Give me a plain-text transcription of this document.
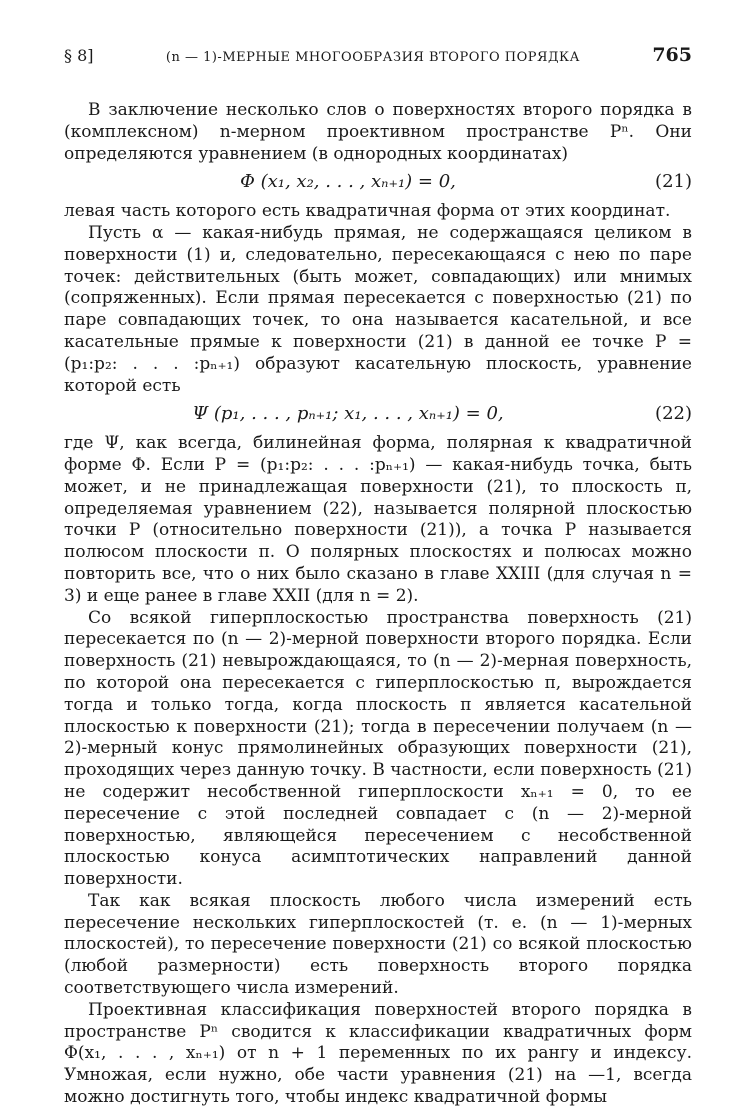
§ 8]	(n — 1)-МЕРНЫЕ МНОГООБРАЗИЯ ВТОРОГО ПОРЯДКА	765

В заключение несколько слов о поверхностях второго порядка в (комплексном) n-мерном проективном пространстве Pⁿ. Они определяются уравнением (в однородных координатах)

Φ (x₁, x₂, . . . , xₙ₊₁) = 0,	(21)

левая часть которого есть квадратичная форма от этих координат.

Пусть α — какая-нибудь прямая, не содержащаяся целиком в поверхности (1) и, следовательно, пересекающаяся с нею по паре точек: действительных (быть может, совпадающих) или мнимых (сопряженных). Если прямая пересекается с поверхностью (21) по паре совпадающих точек, то она называется касательной, и все касательные прямые к поверхности (21) в данной ее точке P = (p₁:p₂: . . . :pₙ₊₁) образуют касательную плоскость, уравнение которой есть

Ψ (p₁, . . . , pₙ₊₁; x₁, . . . , xₙ₊₁) = 0,	(22)

где Ψ, как всегда, билинейная форма, полярная к квадратичной форме Φ. Если P = (p₁:p₂: . . . :pₙ₊₁) — какая-нибудь точка, быть может, и не принадлежащая поверхности (21), то плоскость π, определяемая уравнением (22), называется полярной плоскостью точки P (относительно поверхности (21)), а точка P называется полюсом плоскости π. О полярных плоскостях и полюсах можно повторить все, что о них было сказано в главе XXIII (для случая n = 3) и еще ранее в главе XXII (для n = 2).

Со всякой гиперплоскостью пространства поверхность (21) пересекается по (n — 2)-мерной поверхности второго порядка. Если поверхность (21) невырождающаяся, то (n — 2)-мерная поверхность, по которой она пересекается с гиперплоскостью π, вырождается тогда и только тогда, когда плоскость π является касательной плоскостью к поверхности (21); тогда в пересечении получаем (n — 2)-мерный конус прямолинейных образующих поверхности (21), проходящих через данную точку. В частности, если поверхность (21) не содержит несобственной гиперплоскости xₙ₊₁ = 0, то ее пересечение с этой последней совпадает с (n — 2)-мерной поверхностью, являющейся пересечением с несобственной плоскостью конуса асимптотических направлений данной поверхности.

Так как всякая плоскость любого числа измерений есть пересечение нескольких гиперплоскостей (т. е. (n — 1)-мерных плоскостей), то пересечение поверхности (21) со всякой плоскостью (любой размерности) есть поверхность второго порядка соответствующего числа измерений.

Проективная классификация поверхностей второго порядка в пространстве Pⁿ сводится к классификации квадратичных форм Φ(x₁, . . . , xₙ₊₁) от n + 1 переменных по их рангу и индексу. Умножая, если нужно, обе части уравнения (21) на —1, всегда можно достигнуть того, чтобы индекс квадратичной формы
